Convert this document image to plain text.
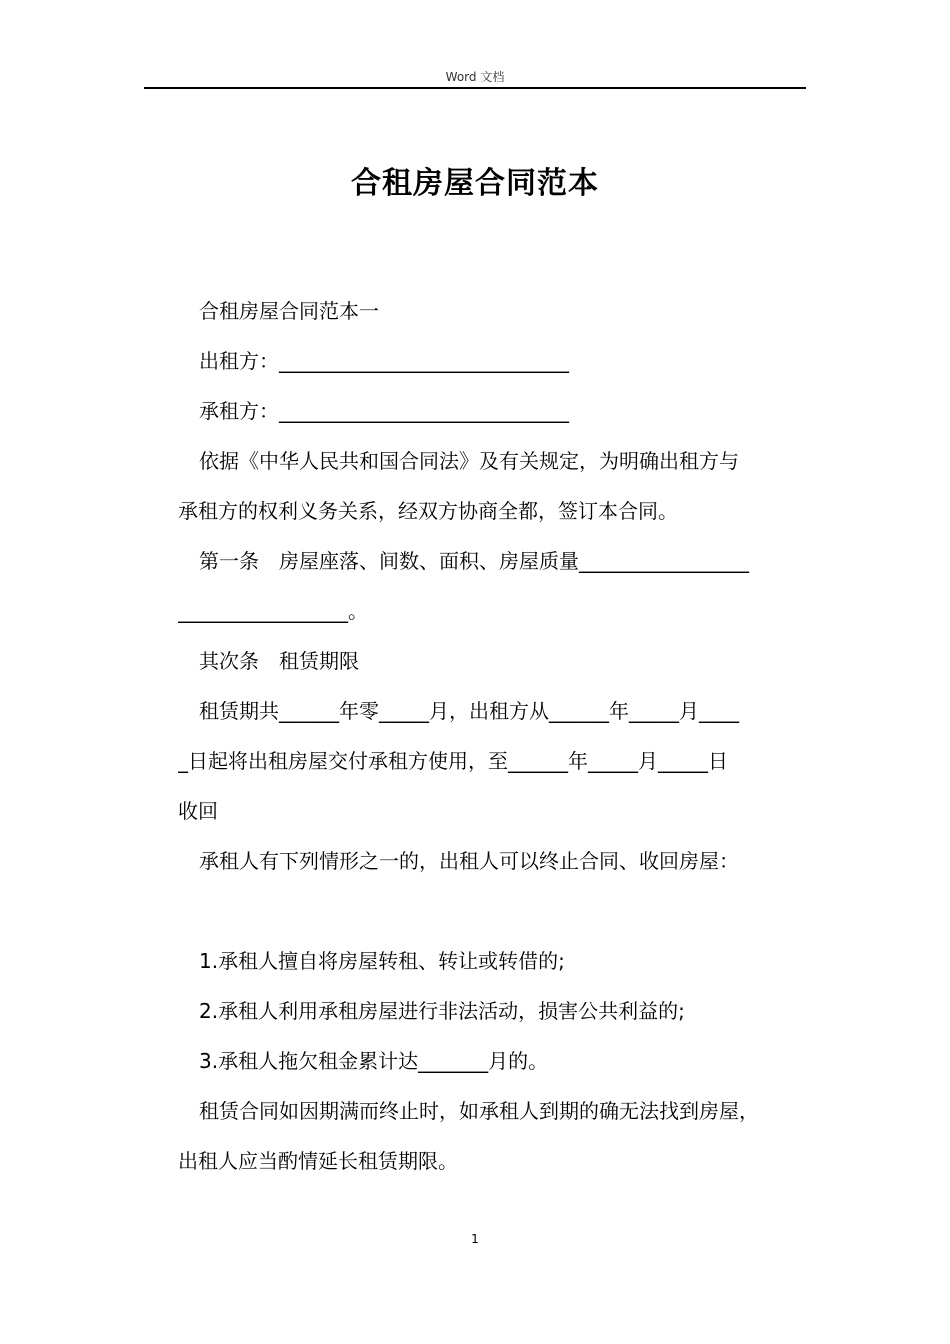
Word 文档
合租房屋合同范本
合租房屋合同范本一
出租方：_____________________________
承租方：_____________________________
依据《中华人民共和国合同法》及有关规定，为明确出租方与
承租方的权利义务关系，经双方协商全都，签订本合同。
第一条　房屋座落、间数、面积、房屋质量_________________
_________________。
其次条　租赁期限
租赁期共______年零_____月，出租方从______年_____月____
_日起将出租房屋交付承租方使用，至______年_____月_____日
收回
承租人有下列情形之一的，出租人可以终止合同、收回房屋：
1.承租人擅自将房屋转租、转让或转借的;
2.承租人利用承租房屋进行非法活动，损害公共利益的;
3.承租人拖欠租金累计达_______月的。
租赁合同如因期满而终止时，如承租人到期的确无法找到房屋，
出租人应当酌情延长租赁期限。
1
